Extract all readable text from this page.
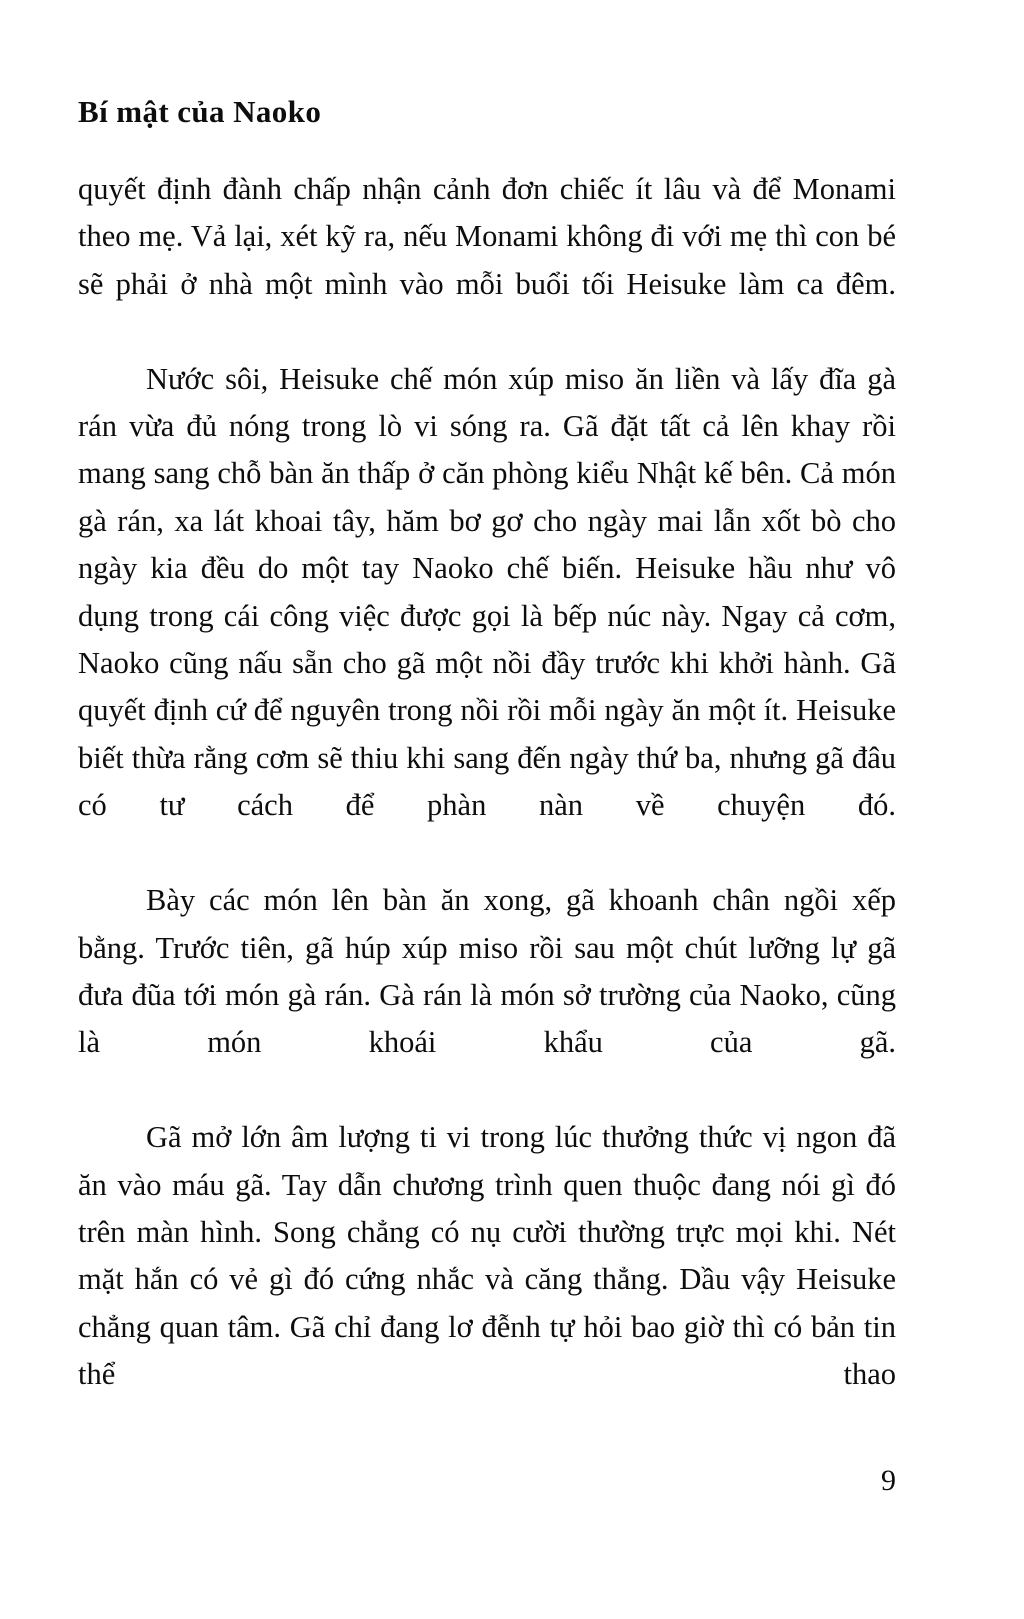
Bí mật của Naoko

quyết định đành chấp nhận cảnh đơn chiếc ít lâu và để Monami theo mẹ. Vả lại, xét kỹ ra, nếu Monami không đi với mẹ thì con bé sẽ phải ở nhà một mình vào mỗi buổi tối Heisuke làm ca đêm.

Nước sôi, Heisuke chế món xúp miso ăn liền và lấy đĩa gà rán vừa đủ nóng trong lò vi sóng ra. Gã đặt tất cả lên khay rồi mang sang chỗ bàn ăn thấp ở căn phòng kiểu Nhật kế bên. Cả món gà rán, xa lát khoai tây, hăm bơ gơ cho ngày mai lẫn xốt bò cho ngày kia đều do một tay Naoko chế biến. Heisuke hầu như vô dụng trong cái công việc được gọi là bếp núc này. Ngay cả cơm, Naoko cũng nấu sẵn cho gã một nồi đầy trước khi khởi hành. Gã quyết định cứ để nguyên trong nồi rồi mỗi ngày ăn một ít. Heisuke biết thừa rằng cơm sẽ thiu khi sang đến ngày thứ ba, nhưng gã đâu có tư cách để phàn nàn về chuyện đó.

Bày các món lên bàn ăn xong, gã khoanh chân ngồi xếp bằng. Trước tiên, gã húp xúp miso rồi sau một chút lưỡng lự gã đưa đũa tới món gà rán. Gà rán là món sở trường của Naoko, cũng là món khoái khẩu của gã.

Gã mở lớn âm lượng ti vi trong lúc thưởng thức vị ngon đã ăn vào máu gã. Tay dẫn chương trình quen thuộc đang nói gì đó trên màn hình. Song chẳng có nụ cười thường trực mọi khi. Nét mặt hắn có vẻ gì đó cứng nhắc và căng thẳng. Dầu vậy Heisuke chẳng quan tâm. Gã chỉ đang lơ đễnh tự hỏi bao giờ thì có bản tin thể thao

9
